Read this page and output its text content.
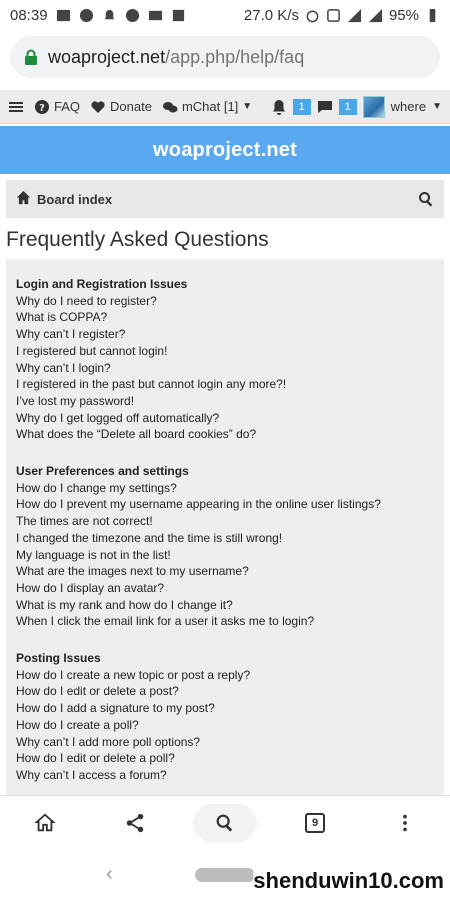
08:39	27.0 K/s	95%
woaproject.net /app.php/help/faq
? FAQ Donate mChat [1] ▼	1	1	where ▼
woaproject.net
Board index
Frequently Asked Questions
Login and Registration Issues
Why do I need to register?
What is COPPA?
Why can’t I register?
I registered but cannot login!
Why can’t I login?
I registered in the past but cannot login any more?!
I’ve lost my password!
Why do I get logged off automatically?
What does the “Delete all board cookies” do?
User Preferences and settings
How do I change my settings?
How do I prevent my username appearing in the online user listings?
The times are not correct!
I changed the timezone and the time is still wrong!
My language is not in the list!
What are the images next to my username?
How do I display an avatar?
What is my rank and how do I change it?
When I click the email link for a user it asks me to login?
Posting Issues
How do I create a new topic or post a reply?
How do I edit or delete a post?
How do I add a signature to my post?
How do I create a poll?
Why can’t I add more poll options?
How do I edit or delete a poll?
Why can’t I access a forum?
9
‹	shenduwin10.com
